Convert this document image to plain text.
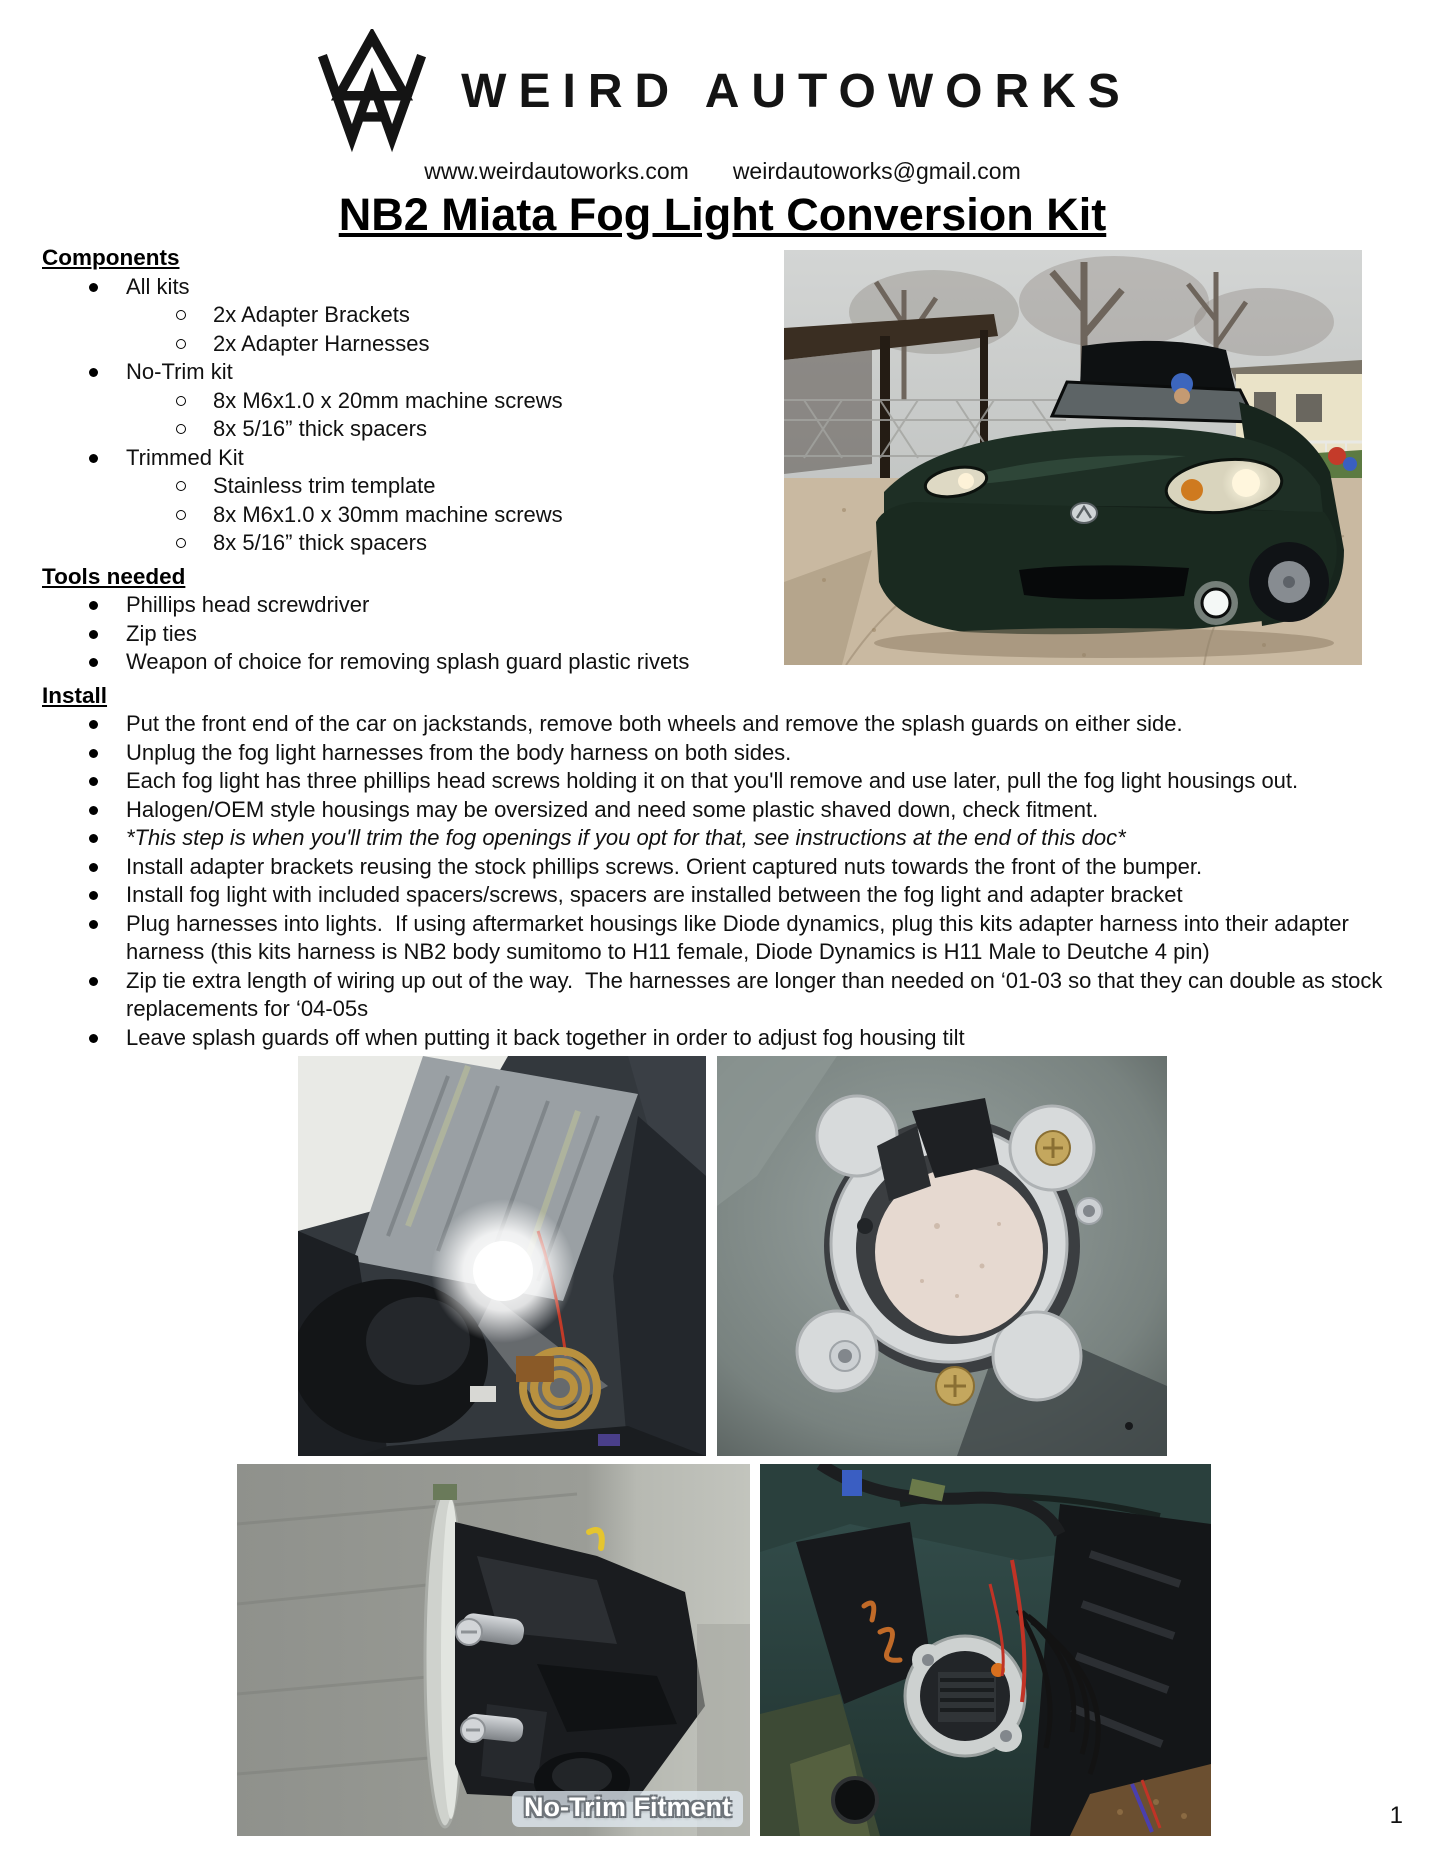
WEIRD AUTOWORKS
www.weirdautoworks.com weirdautoworks@gmail.com
NB2 Miata Fog Light Conversion Kit
Components
All kits
2x Adapter Brackets
2x Adapter Harnesses
No-Trim kit
8x M6x1.0 x 20mm machine screws
8x 5/16” thick spacers
Trimmed Kit
Stainless trim template
8x M6x1.0 x 30mm machine screws
8x 5/16” thick spacers
Tools needed
Phillips head screwdriver
Zip ties
Weapon of choice for removing splash guard plastic rivets
Install
Put the front end of the car on jackstands, remove both wheels and remove the splash guards on either side.
Unplug the fog light harnesses from the body harness on both sides.
Each fog light has three phillips head screws holding it on that you'll remove and use later, pull the fog light housings out.
Halogen/OEM style housings may be oversized and need some plastic shaved down, check fitment.
*This step is when you'll trim the fog openings if you opt for that, see instructions at the end of this doc*
Install adapter brackets reusing the stock phillips screws. Orient captured nuts towards the front of the bumper.
Install fog light with included spacers/screws, spacers are installed between the fog light and adapter bracket
Plug harnesses into lights.  If using aftermarket housings like Diode dynamics, plug this kits adapter harness into their adapter harness (this kits harness is NB2 body sumitomo to H11 female, Diode Dynamics is H11 Male to Deutche 4 pin)
Zip tie extra length of wiring up out of the way.  The harnesses are longer than needed on ‘01-03 so that they can double as stock replacements for ‘04-05s
Leave splash guards off when putting it back together in order to adjust fog housing tilt
No-Trim Fitment	1
